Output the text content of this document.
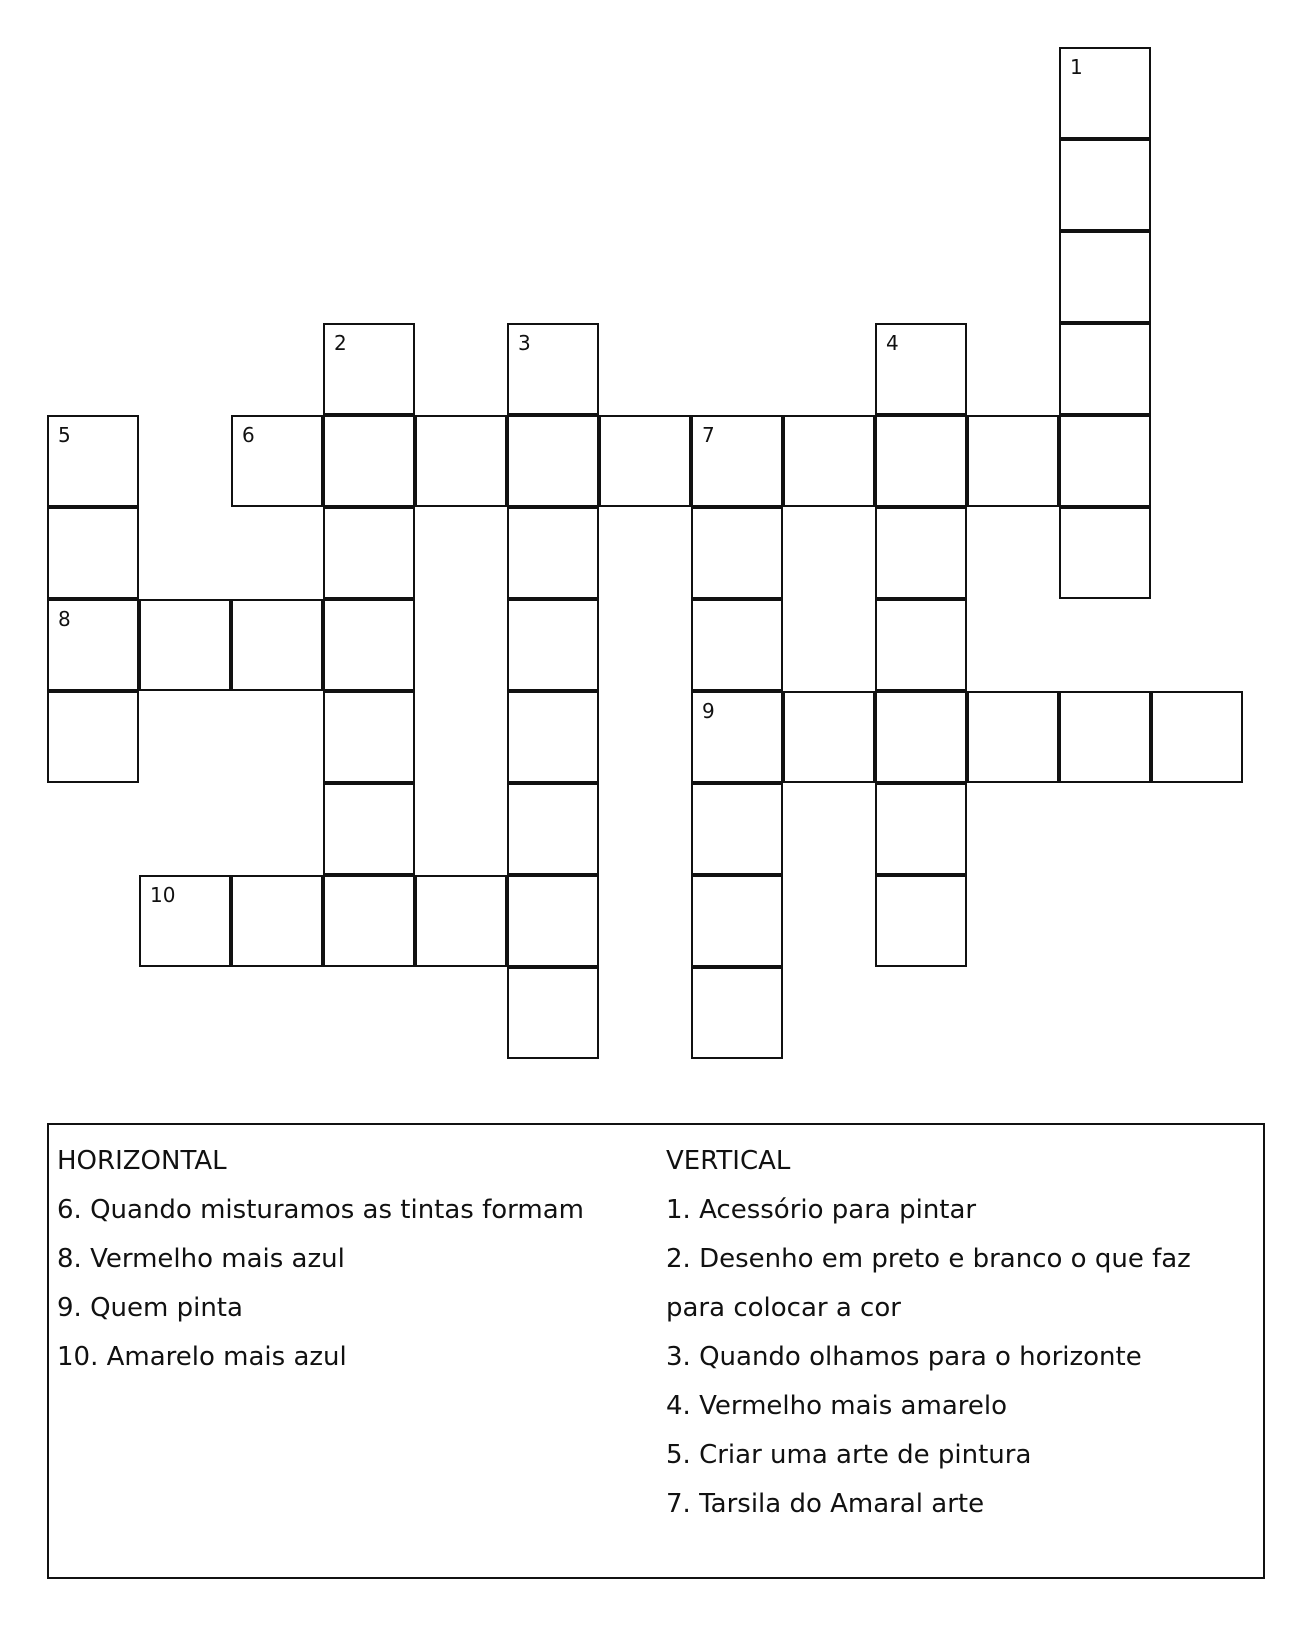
1
2	3	4
5	6	7
8
9
10
HORIZONTAL
6. Quando misturamos as tintas formam
8. Vermelho mais azul
9. Quem pinta
10. Amarelo mais azul
VERTICAL
1. Acessório para pintar
2. Desenho em preto e branco o que faz
para colocar a cor
3. Quando olhamos para o horizonte
4. Vermelho mais amarelo
5. Criar uma arte de pintura
7. Tarsila do Amaral arte
